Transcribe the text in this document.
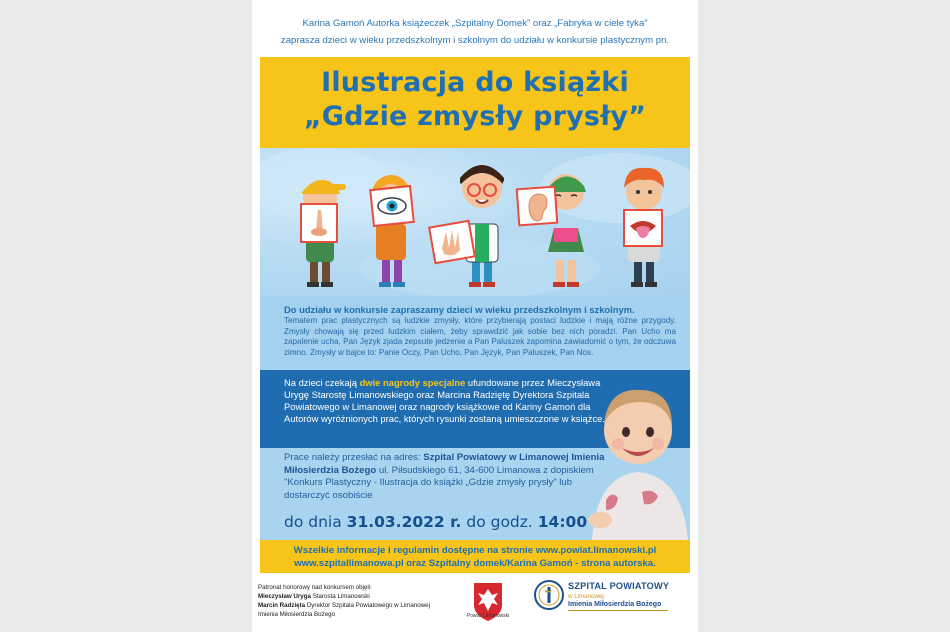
Karina Gamoń Autorka książeczek „Szpitalny Domek” oraz „Fabryka w ciele tyka”
zaprasza dzieci w wieku przedszkolnym i szkolnym do udziału w konkursie plastycznym pn.
Ilustracja do książki
„Gdzie zmysły prysły”
Do udziału w konkursie zapraszamy dzieci w wieku przedszkolnym i szkolnym.
Tematem prac plastycznych są ludzkie zmysły, które przybierają postaci ludzkie i mają różne przygody. Zmysły chowają się przed ludzkim ciałem, żeby sprawdzić jak sobie bez nich poradzi. Pan Ucho ma zapalenie ucha, Pan Język zjada zepsute jedzenie a Pan Paluszek zapomina zawiadomić o tym, że odczuwa zimno. Zmysły w bajce to: Panie Oczy, Pan Ucho, Pan Język, Pan Paluszek, Pan Nos.
Na dzieci czekają dwie nagrody specjalne ufundowane przez Mieczysława Urygę Starostę Limanowskiego oraz Marcina Radziętę Dyrektora Szpitala Powiatowego w Limanowej oraz nagrody książkowe od Kariny Gamoń dla Autorów wyróżnionych prac, których rysunki zostaną umieszczone w książce.
Prace należy przesłać na adres: Szpital Powiatowy w Limanowej Imienia Miłosierdzia Bożego ul. Piłsudskiego 61, 34-600 Limanowa z dopiskiem "Konkurs Plastyczny - Ilustracja do książki „Gdzie zmysły prysły” lub dostarczyć osobiście
do dnia 31.03.2022 r. do godz. 14:00
Wszelkie informacje i regulamin dostępne na stronie www.powiat.limanowski.pl
www.szpitallimanowa.pl oraz Szpitalny domek/Karina Gamoń - strona autorska.
Patronat honorowy nad konkursem objęli:
Mieczysław Uryga Starosta Limanowski
Marcin Radzięta Dyrektor Szpitala Powiatowego w Limanowej Imienia Miłosierdzia Bożego	Powiat Limanowski
SZPITAL POWIATOWY
w Limanowej
Imienia Miłosierdzia Bożego
